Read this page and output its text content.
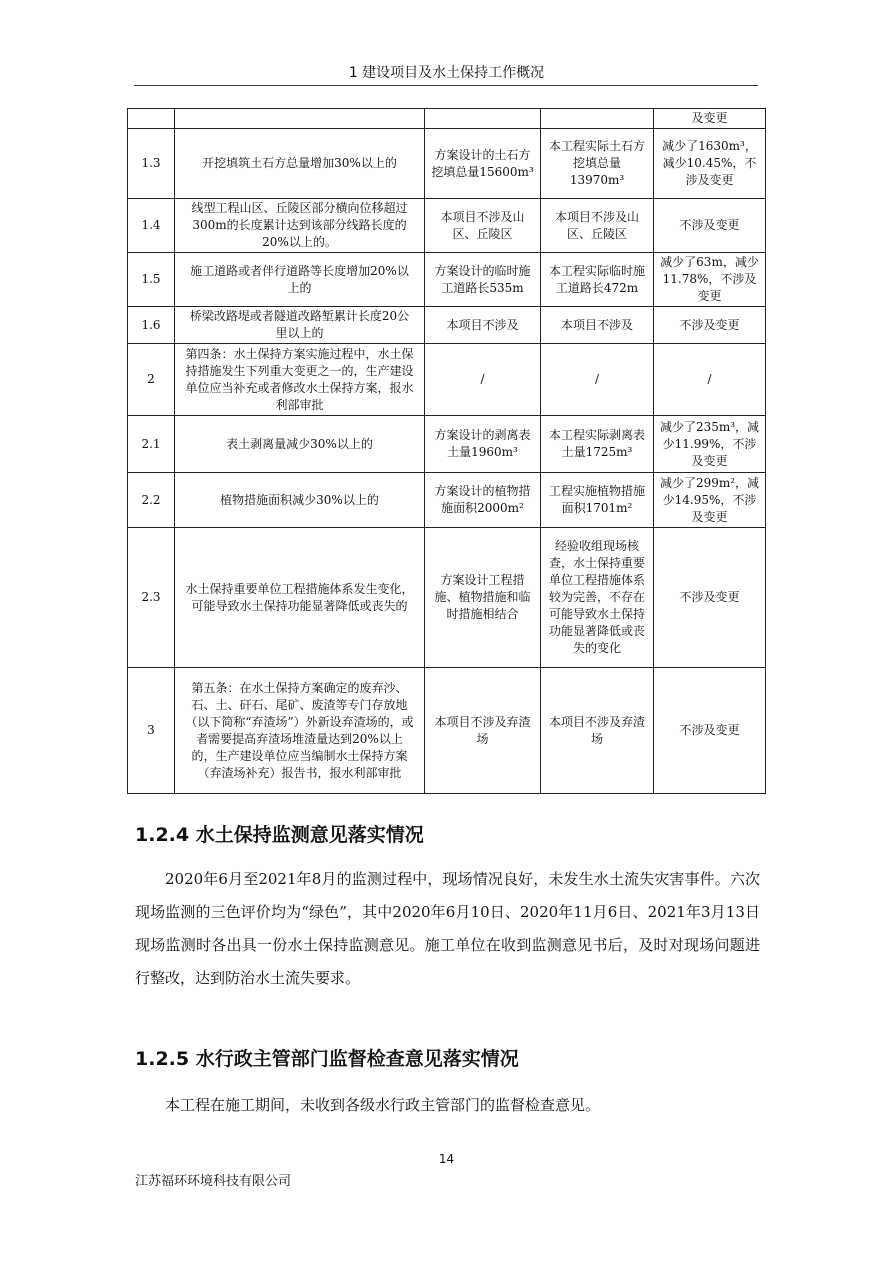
1 建设项目及水土保持工作概况
				及变更
1.3	开挖填筑土石方总量增加30%以上的	方案设计的土石方挖填总量15600m³	本工程实际土石方挖填总量13970m³	减少了1630m³，减少10.45%，不涉及变更
1.4	线型工程山区、丘陵区部分横向位移超过300m的长度累计达到该部分线路长度的20%以上的。	本项目不涉及山区、丘陵区	本项目不涉及山区、丘陵区	不涉及变更
1.5	施工道路或者伴行道路等长度增加20%以上的	方案设计的临时施工道路长535m	本工程实际临时施工道路长472m	减少了63m，减少11.78%，不涉及变更
1.6	桥梁改路堤或者隧道改路堑累计长度20公里以上的	本项目不涉及	本项目不涉及	不涉及变更
2	第四条：水土保持方案实施过程中，水土保持措施发生下列重大变更之一的，生产建设单位应当补充或者修改水土保持方案，报水利部审批	/	/	/
2.1	表土剥离量减少30%以上的	方案设计的剥离表土量1960m³	本工程实际剥离表土量1725m³	减少了235m³，减少11.99%，不涉及变更
2.2	植物措施面积减少30%以上的	方案设计的植物措施面积2000m²	工程实施植物措施面积1701m²	减少了299m²，减少14.95%，不涉及变更
2.3	水土保持重要单位工程措施体系发生变化，可能导致水土保持功能显著降低或丧失的	方案设计工程措施、植物措施和临时措施相结合	经验收组现场核查，水土保持重要单位工程措施体系较为完善，不存在可能导致水土保持功能显著降低或丧失的变化	不涉及变更
3	第五条：在水土保持方案确定的废弃沙、石、土、矸石、尾矿、废渣等专门存放地（以下简称“弃渣场”）外新设弃渣场的，或者需要提高弃渣场堆渣量达到20%以上的，生产建设单位应当编制水土保持方案（弃渣场补充）报告书，报水利部审批	本项目不涉及弃渣场	本项目不涉及弃渣场	不涉及变更
1.2.4 水土保持监测意见落实情况

2020年6月至2021年8月的监测过程中，现场情况良好，未发生水土流失灾害事件。六次现场监测的三色评价均为“绿色”，其中2020年6月10日、2020年11月6日、2021年3月13日现场监测时各出具一份水土保持监测意见。施工单位在收到监测意见书后，及时对现场问题进行整改，达到防治水土流失要求。

1.2.5 水行政主管部门监督检查意见落实情况

本工程在施工期间，未收到各级水行政主管部门的监督检查意见。

14
江苏福环环境科技有限公司
